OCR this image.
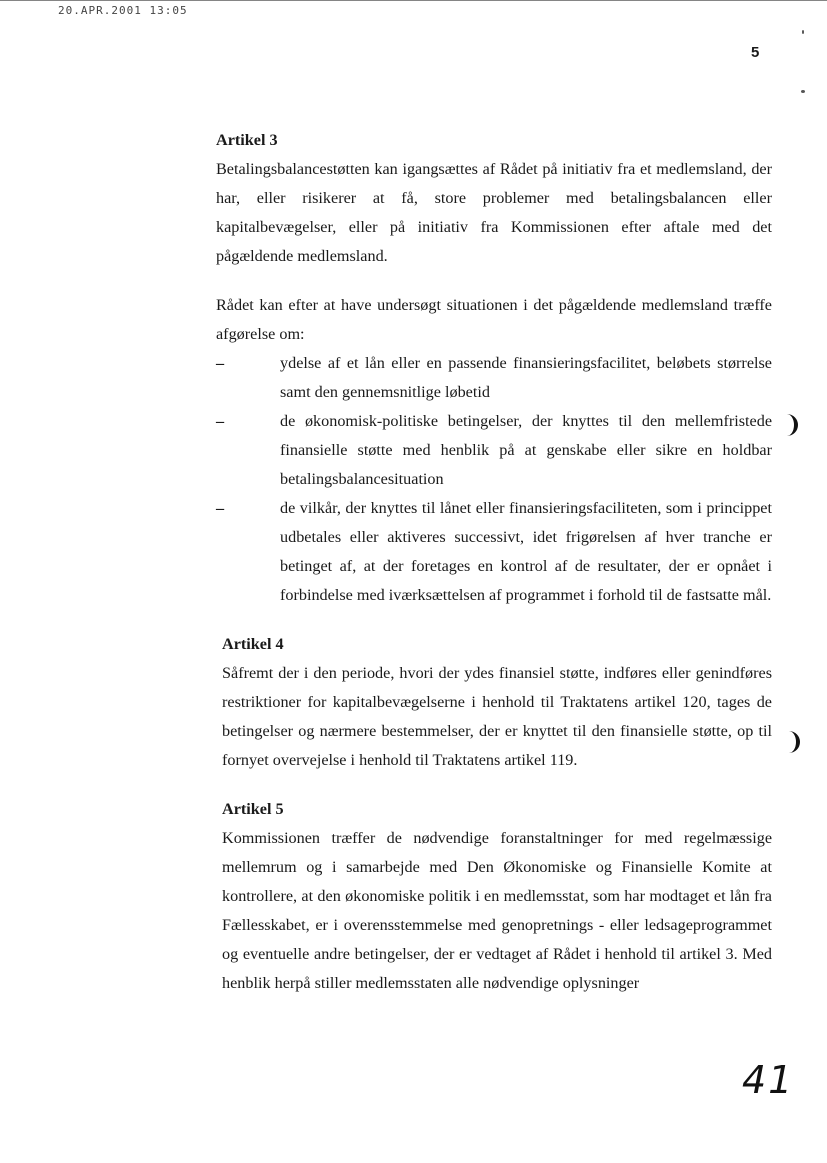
20.APR.2001 13:05
5

Artikel 3

Betalingsbalancestøtten kan igangsættes af Rådet på initiativ fra et medlemsland, der har, eller risikerer at få, store problemer med betalingsbalancen eller kapitalbevægelser, eller på initiativ fra Kommissionen efter aftale med det pågældende medlemsland.

Rådet kan efter at have undersøgt situationen i det pågældende medlemsland træffe afgørelse om:

–	ydelse af et lån eller en passende finansieringsfacilitet, beløbets størrelse samt den gennemsnitlige løbetid
–	de økonomisk-politiske betingelser, der knyttes til den mellemfristede finansielle støtte med henblik på at genskabe eller sikre en holdbar betalingsbalancesituation
–	de vilkår, der knyttes til lånet eller finansieringsfaciliteten, som i princippet udbetales eller aktiveres successivt, idet frigørelsen af hver tranche er betinget af, at der foretages en kontrol af de resultater, der er opnået i forbindelse med iværksættelsen af programmet i forhold til de fastsatte mål.

Artikel 4

Såfremt der i den periode, hvori der ydes finansiel støtte, indføres eller genindføres restriktioner for kapitalbevægelserne i henhold til Traktatens artikel 120, tages de betingelser og nærmere bestemmelser, der er knyttet til den finansielle støtte, op til fornyet overvejelse i henhold til Traktatens artikel 119.

Artikel 5

Kommissionen træffer de nødvendige foranstaltninger for med regelmæssige mellemrum og i samarbejde med Den Økonomiske og Finansielle Komite at kontrollere, at den økonomiske politik i en medlemsstat, som har modtaget et lån fra Fællesskabet, er i overensstemmelse med genopretnings - eller ledsageprogrammet og eventuelle andre betingelser, der er vedtaget af Rådet i henhold til artikel 3. Med henblik herpå stiller medlemsstaten alle nødvendige oplysninger

41
